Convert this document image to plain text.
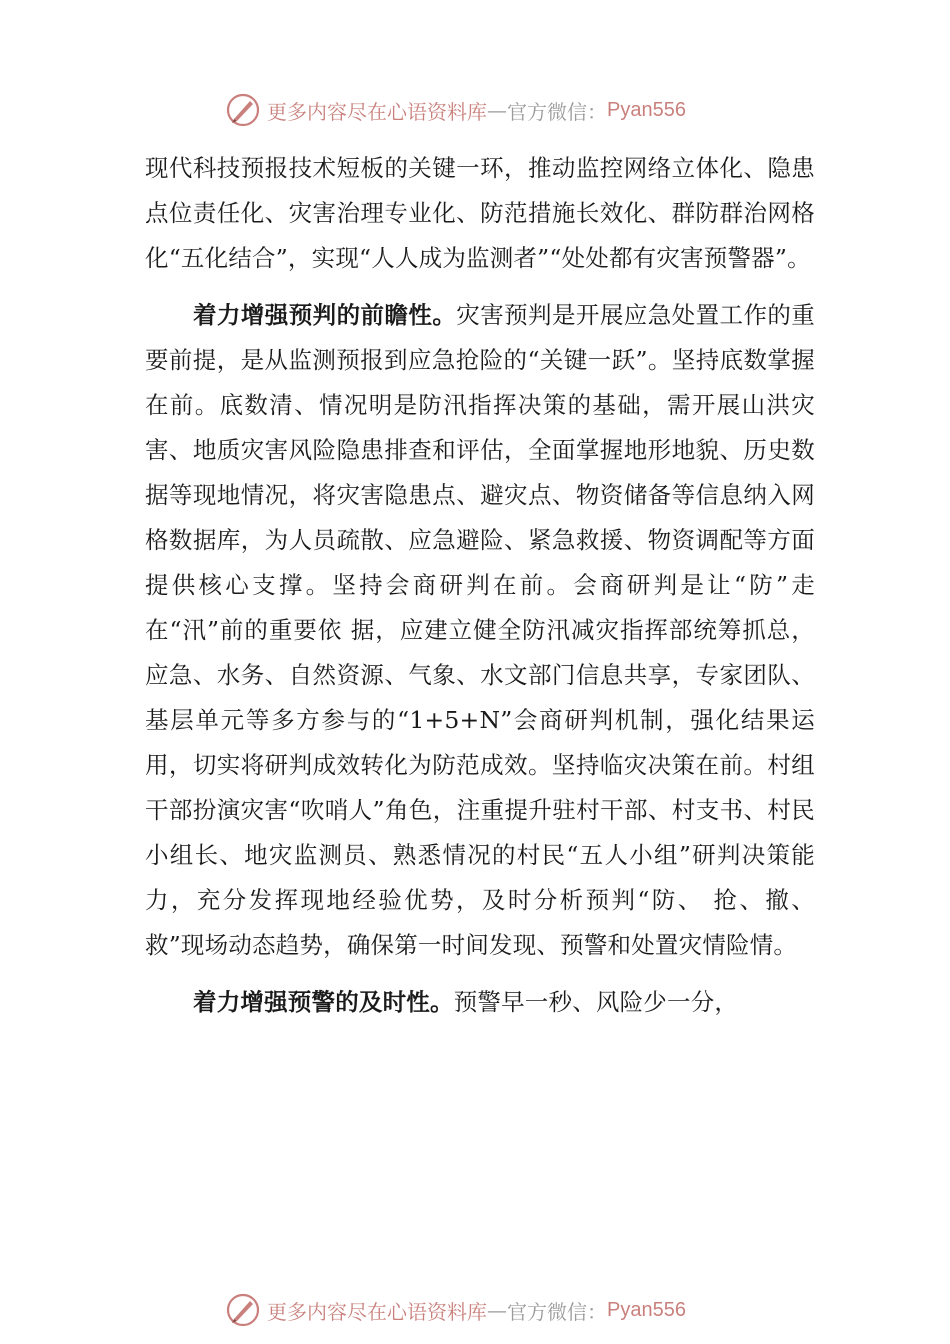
更多内容尽在心语资料库 — 官方微信： Pyan556

现代科技预报技术短板的关键一环，推动监控网络立体化、隐患点位责任化、灾害治理专业化、防范措施长效化、群防群治网格化“五化结合”，实现“人人成为监测者”“处处都有灾害预警器”。

着力增强预判的前瞻性。灾害预判是开展应急处置工作的重要前提，是从监测预报到应急抢险的“关键一跃”。坚持底数掌握在前。底数清、情况明是防汛指挥决策的基础，需开展山洪灾害、地质灾害风险隐患排查和评估，全面掌握地形地貌、历史数据等现地情况，将灾害隐患点、避灾点、物资储备等信息纳入网格数据库，为人员疏散、应急避险、紧急救援、物资调配等方面提供核心支撑。坚持会商研判在前。会商研判是让“防”走在“汛”前的重要依 据，应建立健全防汛减灾指挥部统筹抓总，应急、水务、自然资源、气象、水文部门信息共享，专家团队、基层单元等多方参与的“1+5+N”会商研判机制，强化结果运用，切实将研判成效转化为防范成效。坚持临灾决策在前。村组干部扮演灾害“吹哨人”角色，注重提升驻村干部、村支书、村民小组长、地灾监测员、熟悉情况的村民“五人小组”研判决策能力，充分发挥现地经验优势，及时分析预判“防、 抢、撤、救”现场动态趋势，确保第一时间发现、预警和处置灾情险情。

着力增强预警的及时性。预警早一秒、风险少一分，

更多内容尽在心语资料库 — 官方微信： Pyan556
